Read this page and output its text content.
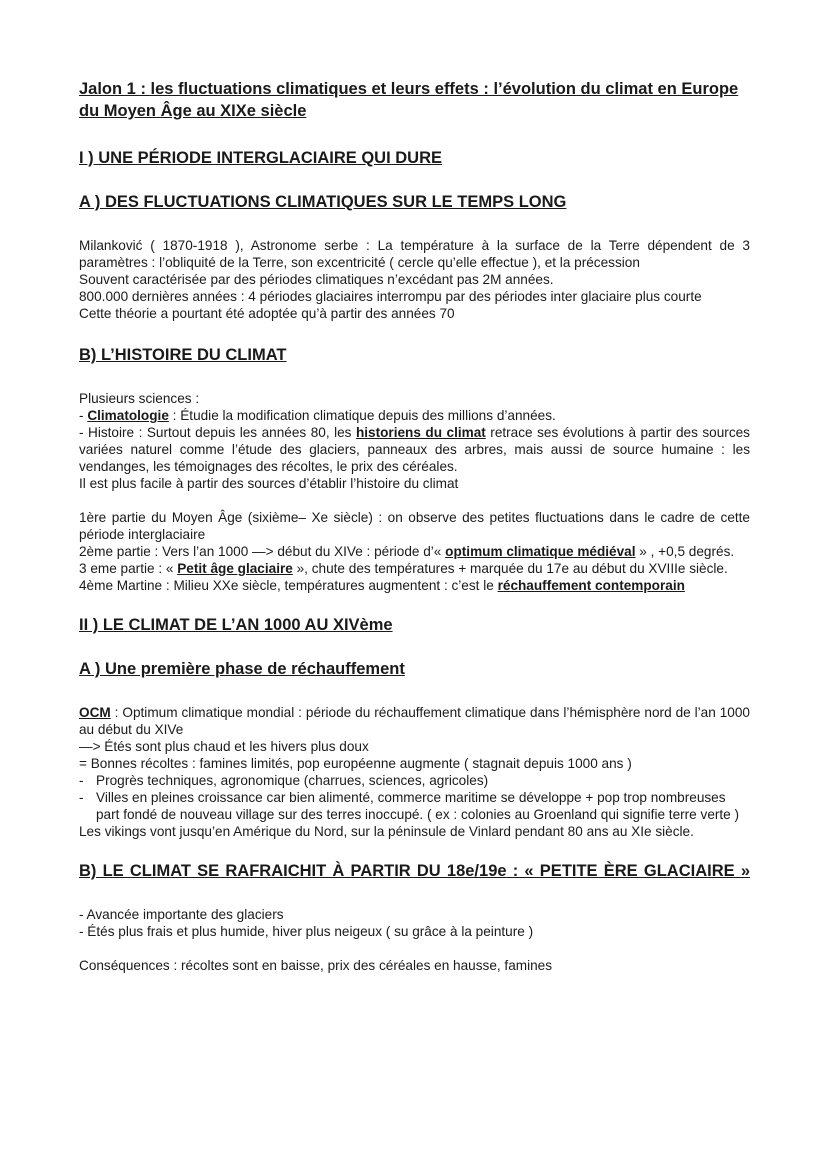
Jalon 1 : les fluctuations climatiques et leurs effets : l’évolution du climat en Europe du Moyen Âge au XIXe siècle
I ) UNE PÉRIODE INTERGLACIAIRE QUI DURE
A ) DES FLUCTUATIONS CLIMATIQUES SUR LE TEMPS LONG

Milanković ( 1870-1918 ), Astronome serbe : La température à la surface de la Terre dépendent de 3 paramètres : l’obliquité de la Terre, son excentricité ( cercle qu’elle effectue ), et la précession

Souvent caractérisée par des périodes climatiques n’excédant pas 2M années.

800.000 dernières années : 4 périodes glaciaires interrompu par des périodes inter glaciaire plus courte

Cette théorie a pourtant été adoptée qu’à partir des années 70

B) L’HISTOIRE DU CLIMAT

Plusieurs sciences :

- Climatologie : Étudie la modification climatique depuis des millions d’années.

- Histoire : Surtout depuis les années 80, les historiens du climat retrace ses évolutions à partir des sources variées naturel comme l’étude des glaciers, panneaux des arbres, mais aussi de source humaine : les vendanges, les témoignages des récoltes, le prix des céréales.

Il est plus facile à partir des sources d’établir l’histoire du climat

1ère partie du Moyen Âge (sixième– Xe siècle) : on observe des petites fluctuations dans le cadre de cette période interglaciaire

2ème partie : Vers l’an 1000 —> début du XIVe : période d’« optimum climatique médiéval » , +0,5 degrés.

3 eme partie : « Petit âge glaciaire », chute des températures + marquée du 17e au début du XVIIIe siècle.

4ème Martine : Milieu XXe siècle, températures augmentent : c’est le réchauffement contemporain

II ) LE CLIMAT DE L’AN 1000 AU XIVème
A ) Une première phase de réchauffement

OCM : Optimum climatique mondial : période du réchauffement climatique dans l’hémisphère nord de l’an 1000 au début du XIVe

—> Étés sont plus chaud et les hivers plus doux

= Bonnes récoltes : famines limités, pop européenne augmente ( stagnait depuis 1000 ans )

- Progrès techniques, agronomique (charrues, sciences, agricoles)
- Villes en pleines croissance car bien alimenté, commerce maritime se développe + pop trop nombreuses part fondé de nouveau village sur des terres inoccupé. ( ex : colonies au Groenland qui signifie terre verte )

Les vikings vont jusqu’en Amérique du Nord, sur la péninsule de Vinlard pendant 80 ans au XIe siècle.

B) LE CLIMAT SE RAFRAICHIT À PARTIR DU 18e/19e : « PETITE ÈRE GLACIAIRE »

- Avancée importante des glaciers

- Étés plus frais et plus humide, hiver plus neigeux ( su grâce à la peinture )

Conséquences : récoltes sont en baisse, prix des céréales en hausse, famines
